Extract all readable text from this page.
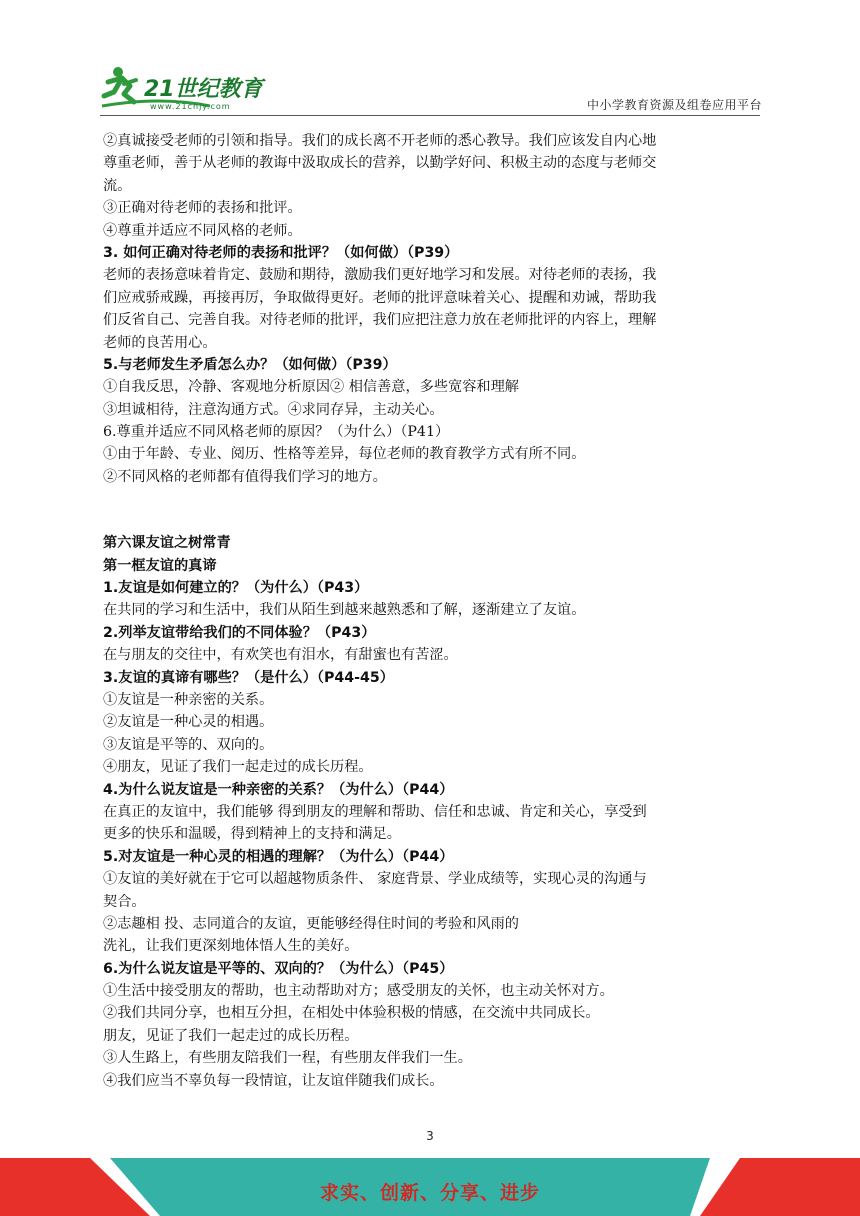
21世纪教育
www.21cnjy.com	中小学教育资源及组卷应用平台
②真诚接受老师的引领和指导。我们的成长离不开老师的悉心教导。我们应该发自内心地
尊重老师，善于从老师的教诲中汲取成长的营养，以勤学好问、积极主动的态度与老师交
流。
③正确对待老师的表扬和批评。
④尊重并适应不同风格的老师。
3. 如何正确对待老师的表扬和批评？（如何做）（P39）
老师的表扬意味着肯定、鼓励和期待，激励我们更好地学习和发展。对待老师的表扬，我
们应戒骄戒躁，再接再厉，争取做得更好。老师的批评意味着关心、提醒和劝诫，帮助我
们反省自己、完善自我。对待老师的批评，我们应把注意力放在老师批评的内容上，理解
老师的良苦用心。
5.与老师发生矛盾怎么办？（如何做）（P39）
①自我反思，冷静、客观地分析原因② 相信善意，多些宽容和理解
③坦诚相待，注意沟通方式。④求同存异，主动关心。
6.尊重并适应不同风格老师的原因？（为什么）（P41）
①由于年龄、专业、阅历、性格等差异，每位老师的教育教学方式有所不同。
②不同风格的老师都有值得我们学习的地方。
第六课友谊之树常青
第一框友谊的真谛
1.友谊是如何建立的？（为什么）（P43）
在共同的学习和生活中，我们从陌生到越来越熟悉和了解，逐渐建立了友谊。
2.列举友谊带给我们的不同体验？（P43）
在与朋友的交往中，有欢笑也有泪水，有甜蜜也有苦涩。
3.友谊的真谛有哪些？（是什么）（P44-45）
①友谊是一种亲密的关系。
②友谊是一种心灵的相遇。
③友谊是平等的、双向的。
④朋友，见证了我们一起走过的成长历程。
4.为什么说友谊是一种亲密的关系？（为什么）（P44）
在真正的友谊中，我们能够 得到朋友的理解和帮助、信任和忠诚、肯定和关心，享受到
更多的快乐和温暖，得到精神上的支持和满足。
5.对友谊是一种心灵的相遇的理解？（为什么）（P44）
①友谊的美好就在于它可以超越物质条件、 家庭背景、学业成绩等，实现心灵的沟通与
契合。
②志趣相 投、志同道合的友谊，更能够经得住时间的考验和风雨的
洗礼，让我们更深刻地体悟人生的美好。
6.为什么说友谊是平等的、双向的？（为什么）（P45）
①生活中接受朋友的帮助，也主动帮助对方；感受朋友的关怀，也主动关怀对方。
②我们共同分享，也相互分担，在相处中体验积极的情感，在交流中共同成长。
朋友，见证了我们一起走过的成长历程。
③人生路上，有些朋友陪我们一程，有些朋友伴我们一生。
④我们应当不辜负每一段情谊，让友谊伴随我们成长。
3
求实、创新、分享、进步
